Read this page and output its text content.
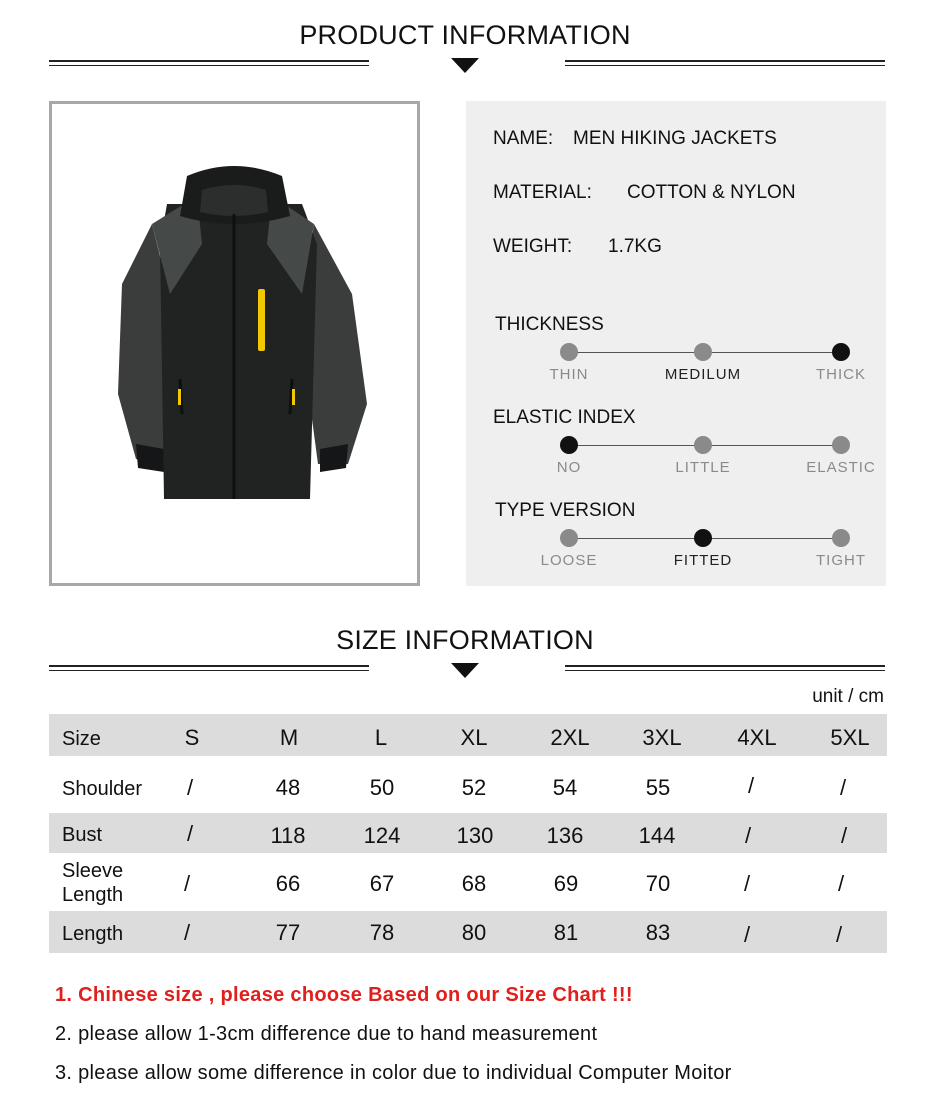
PRODUCT INFORMATION
NAME: MEN HIKING JACKETS
MATERIAL: COTTON & NYLON
WEIGHT: 1.7KG
THICKNESS
THIN	MEDILUM	THICK
ELASTIC INDEX
NO	LITTLE	ELASTIC
TYPE VERSION
LOOSE	FITTED	TIGHT
SIZE INFORMATION
unit / cm
Size	S	M	L	XL	2XL	3XL	4XL	5XL
Shoulder	/	48	50	52	54	55	/	/
Bust	/	118	124	130	136	144	/	/
Sleeve
Length	/	66	67	68	69	70	/	/
Length	/	77	78	80	81	83	/	/
1. Chinese size , please choose Based on our Size Chart !!!
2. please allow 1-3cm difference due to hand measurement
3. please allow some difference in color due to individual Computer Moitor
